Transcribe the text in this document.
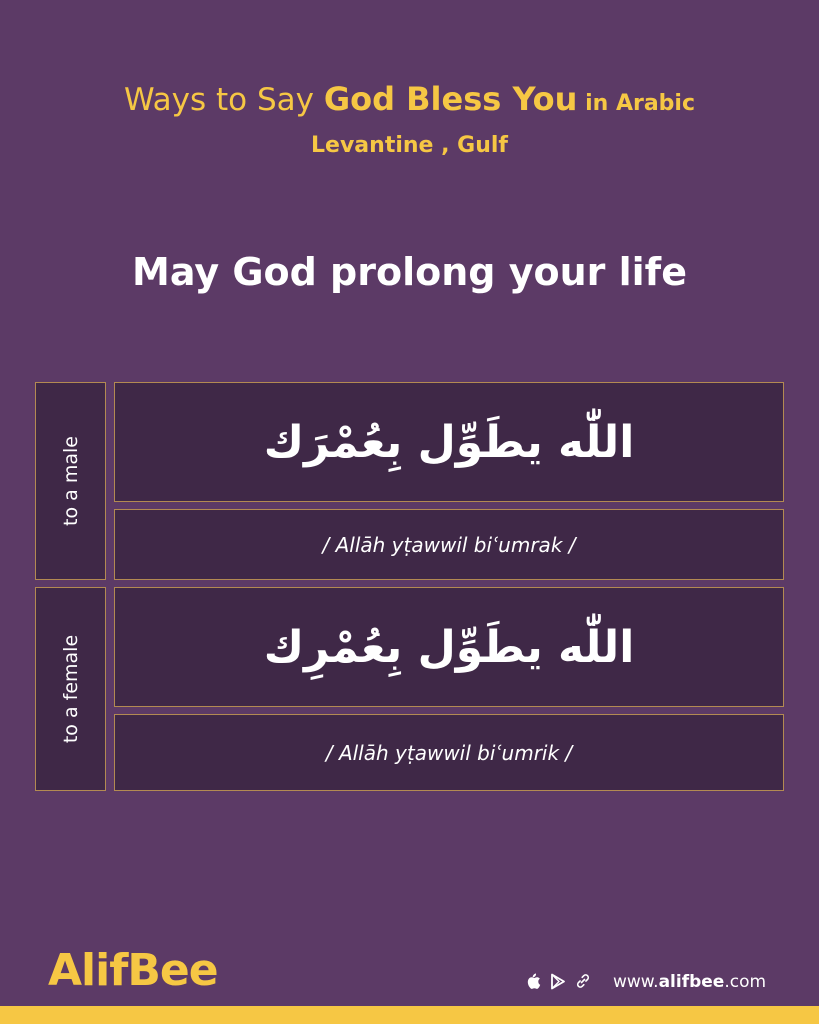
Ways to Say God Bless You in Arabic
Levantine , Gulf
May God prolong your life
to a male	اللّٰه يطَوِّل بِعُمْرَك
/ Allāh yṭawwil biʿumrak /
to a female	اللّٰه يطَوِّل بِعُمْرِك
/ Allāh yṭawwil biʿumrik /
AlifBee	www.alifbee.com
